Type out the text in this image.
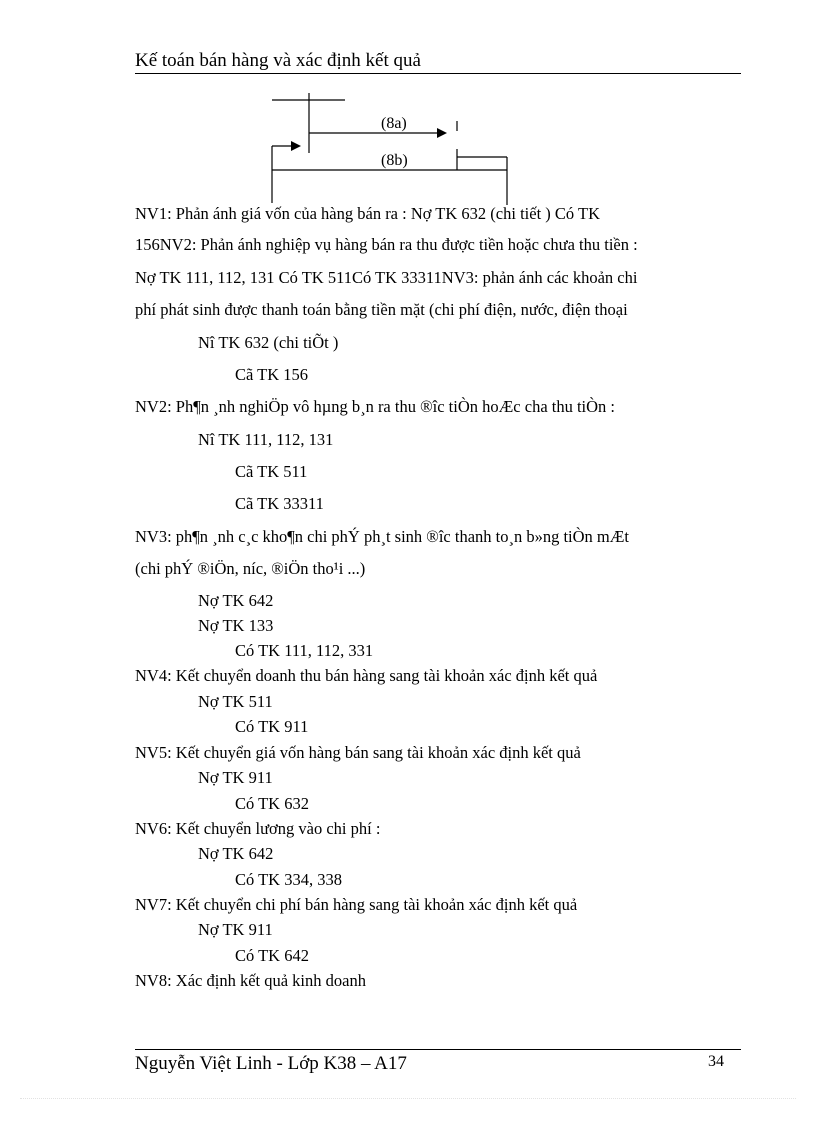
Kế toán bán hàng và xác định kết quả
(8a)
(8b)
NV1: Phản ánh giá vốn của hàng bán ra : Nợ TK 632 (chi tiết ) Có TK
156NV2: Phản ánh nghiệp vụ hàng bán ra thu được tiền hoặc chưa thu tiền :
Nợ TK 111, 112, 131 Có TK 511Có TK 33311NV3: phản ánh các khoản chi
phí phát sinh được thanh toán bằng tiền mặt (chi phí điện, nước, điện thoại
Nî TK 632 (chi tiÕt )
Cã TK 156
NV2: Ph¶n ¸nh nghiÖp vô hµng b¸n ra thu ®îc tiÒn hoÆc cha thu tiÒn :
Nî TK 111, 112, 131
Cã TK 511
Cã TK 33311
NV3: ph¶n ¸nh c¸c kho¶n chi phÝ ph¸t sinh ®îc thanh to¸n b»ng tiÒn mÆt
(chi phÝ ®iÖn, níc, ®iÖn tho¹i ...)
Nợ TK 642
Nợ TK 133
Có TK 111, 112, 331
NV4: Kết chuyển doanh thu bán hàng sang tài khoản xác định kết quả
Nợ TK 511
Có TK 911
NV5: Kết chuyển giá vốn hàng bán sang tài khoản xác định kết quả
Nợ TK 911
Có TK 632
NV6: Kết chuyển lương vào chi phí :
Nợ TK 642
Có TK 334, 338
NV7: Kết chuyển chi phí bán hàng sang tài khoản xác định kết quả
Nợ TK 911
Có TK 642
NV8: Xác định kết quả kinh doanh
Nguyễn Việt Linh - Lớp K38 – A17	34
